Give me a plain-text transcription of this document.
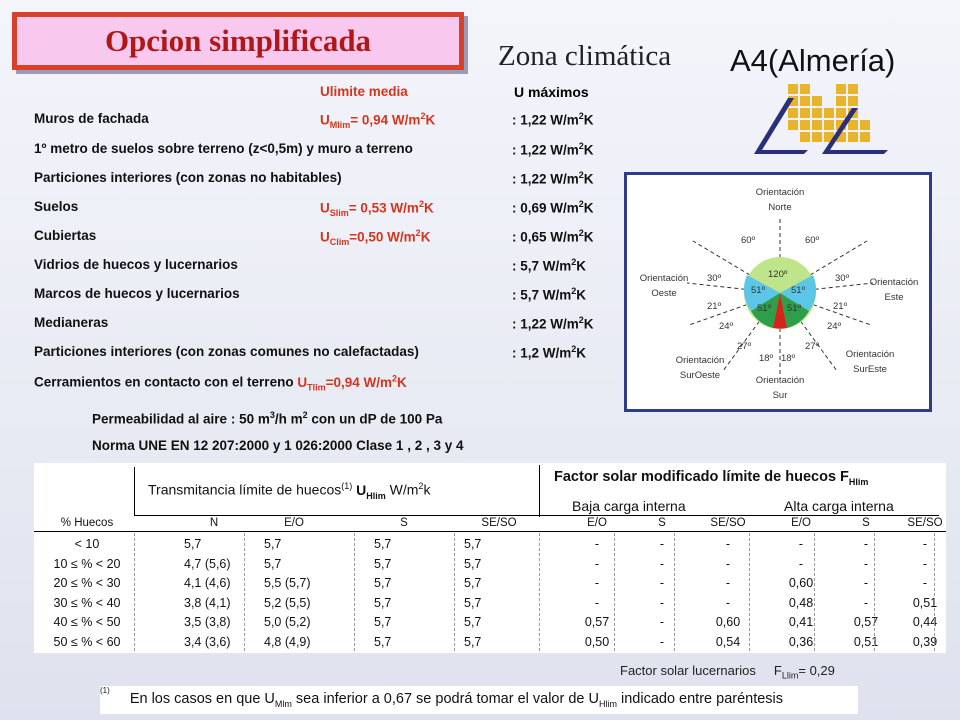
Opcion simplificada	Zona climática A4(Almería)
Ulimite media	U máximos
Muros de fachada	$U_{Mlim}= 0,94$ $W/m^2K$	: 1,22 $W/m^2K$
1º metro de suelos sobre terreno (z<0,5m) y muro a terreno	: 1,22 $W/m^2K$
Particiones interiores (con zonas no habitables)	: 1,22 $W/m^2K$
Suelos	$U_{Slim}= 0,53$ $W/m^2K$	: 0,69 $W/m^2K$
Cubiertas	$U_{Clim}=0,50$ $W/m^2K$	: 0,65 $W/m^2K$
Vidrios de huecos y lucernarios	: 5,7 $W/m^2K$
Marcos de huecos y lucernarios	: 5,7 $W/m^2K$
Medianeras	: 1,22 $W/m^2K$
Particiones interiores (con zonas comunes no calefactadas)	: 1,2 $W/m^2K$
Cerramientos en contacto con el terreno $U_{Tlim}=0,94$ $W/m^2K$
Permeabilidad al aire : 50 $m^3/h$ $m^2$ con un dP de 100 Pa
Norma UNE EN 12 207:2000 y 1 026:2000 Clase 1 , 2 , 3 y 4
Orientación
Norte
Orientación
Oeste
Orientación
Este
Orientación
SurOeste
Orientación
SurEste
Orientación
Sur
120º
60º	60º
30º	30º
51º	51º
51º 51º
21º	21º
24º	24º
27º	27º
18º 18º
Transmitancia límite de huecos$^{(1)}$ $U_{Hlim}$ $W/m^2k$
Factor solar modificado límite de huecos $F_{Hlim}$
Baja carga interna	Alta carga interna
% Huecos	N	E/O	S	SE/SO	E/O	S	SE/SO	E/O	S	SE/SO
< 10	5,7	5,7	5,7	5,7	-	-	-	-	-	-
10 ≤ % < 20	4,7 (5,6)	5,7	5,7	5,7	-	-	-	-	-	-
20 ≤ % < 30	4,1 (4,6)	5,5 (5,7)	5,7	5,7	-	-	-	0,60	-	-
30 ≤ % < 40	3,8 (4,1)	5,2 (5,5)	5,7	5,7	-	-	-	0,48	-	0,51
40 ≤ % < 50	3,5 (3,8)	5,0 (5,2)	5,7	5,7	0,57	-	0,60	0,41	0,57	0,44
50 ≤ % < 60	3,4 (3,6)	4,8 (4,9)	5,7	5,7	0,50	-	0,54	0,36	0,51	0,39
Factor solar lucernarios $F_{Llim}= 0,29$
$^{(1)}$ En los casos en que $U_{Mlm}$ sea inferior a 0,67 se podrá tomar el valor de $U_{Hlim}$ indicado entre paréntesis
